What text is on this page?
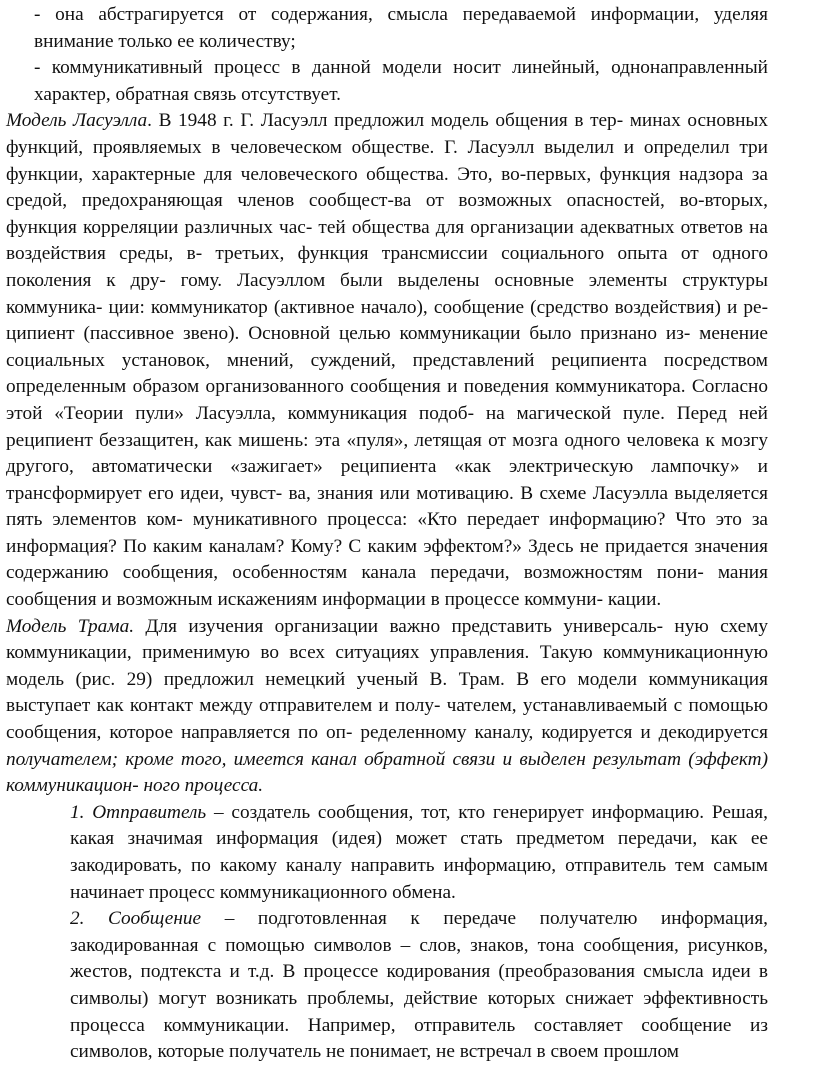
- она абстрагируется от содержания, смысла передаваемой информации, уделяя внимание только ее количеству;

- коммуникативный процесс в данной модели носит линейный, однонаправленный характер, обратная связь отсутствует.

Модель Ласуэлла. В 1948 г. Г. Ласуэлл предложил модель общения в тер- минах основных функций, проявляемых в человеческом обществе. Г. Ласуэлл выделил и определил три функции, характерные для человеческого общества. Это, во-первых, функция надзора за средой, предохраняющая членов сообщест-ва от возможных опасностей, во-вторых, функция корреляции различных час- тей общества для организации адекватных ответов на воздействия среды, в- третьих, функция трансмиссии социального опыта от одного поколения к дру- гому. Ласуэллом были выделены основные элементы структуры коммуника- ции: коммуникатор (активное начало), сообщение (средство воздействия) и ре- ципиент (пассивное звено). Основной целью коммуникации было признано из- менение социальных установок, мнений, суждений, представлений реципиента посредством определенным образом организованного сообщения и поведения коммуникатора. Согласно этой «Теории пули» Ласуэлла, коммуникация подоб- на магической пуле. Перед ней реципиент беззащитен, как мишень: эта «пуля», летящая от мозга одного человека к мозгу другого, автоматически «зажигает» реципиента «как электрическую лампочку» и трансформирует его идеи, чувст- ва, знания или мотивацию. В схеме Ласуэлла выделяется пять элементов ком- муникативного процесса: «Кто передает информацию? Что это за информация? По каким каналам? Кому? С каким эффектом?» Здесь не придается значения содержанию сообщения, особенностям канала передачи, возможностям пони- мания сообщения и возможным искажениям информации в процессе коммуни- кации.

Модель Трама. Для изучения организации важно представить универсаль- ную схему коммуникации, применимую во всех ситуациях управления. Такую коммуникационную модель (рис. 29) предложил немецкий ученый В. Трам. В его модели коммуникация выступает как контакт между отправителем и полу- чателем, устанавливаемый с помощью сообщения, которое направляется по оп- ределенному каналу, кодируется и декодируется получателем; кроме того, имеется канал обратной связи и выделен результат (эффект) коммуникацион- ного процесса.

1. Отправитель – создатель сообщения, тот, кто генерирует информацию. Решая, какая значимая информация (идея) может стать предметом передачи, как ее закодировать, по какому каналу направить информацию, отправитель тем самым начинает процесс коммуникационного обмена.

2. Сообщение – подготовленная к передаче получателю информация, закодированная с помощью символов – слов, знаков, тона сообщения, рисунков, жестов, подтекста и т.д. В процессе кодирования (преобразования смысла идеи в символы) могут возникать проблемы, действие которых снижает эффективность процесса коммуникации. Например, отправитель составляет сообщение из символов, которые получатель не понимает, не встречал в своем прошлом
